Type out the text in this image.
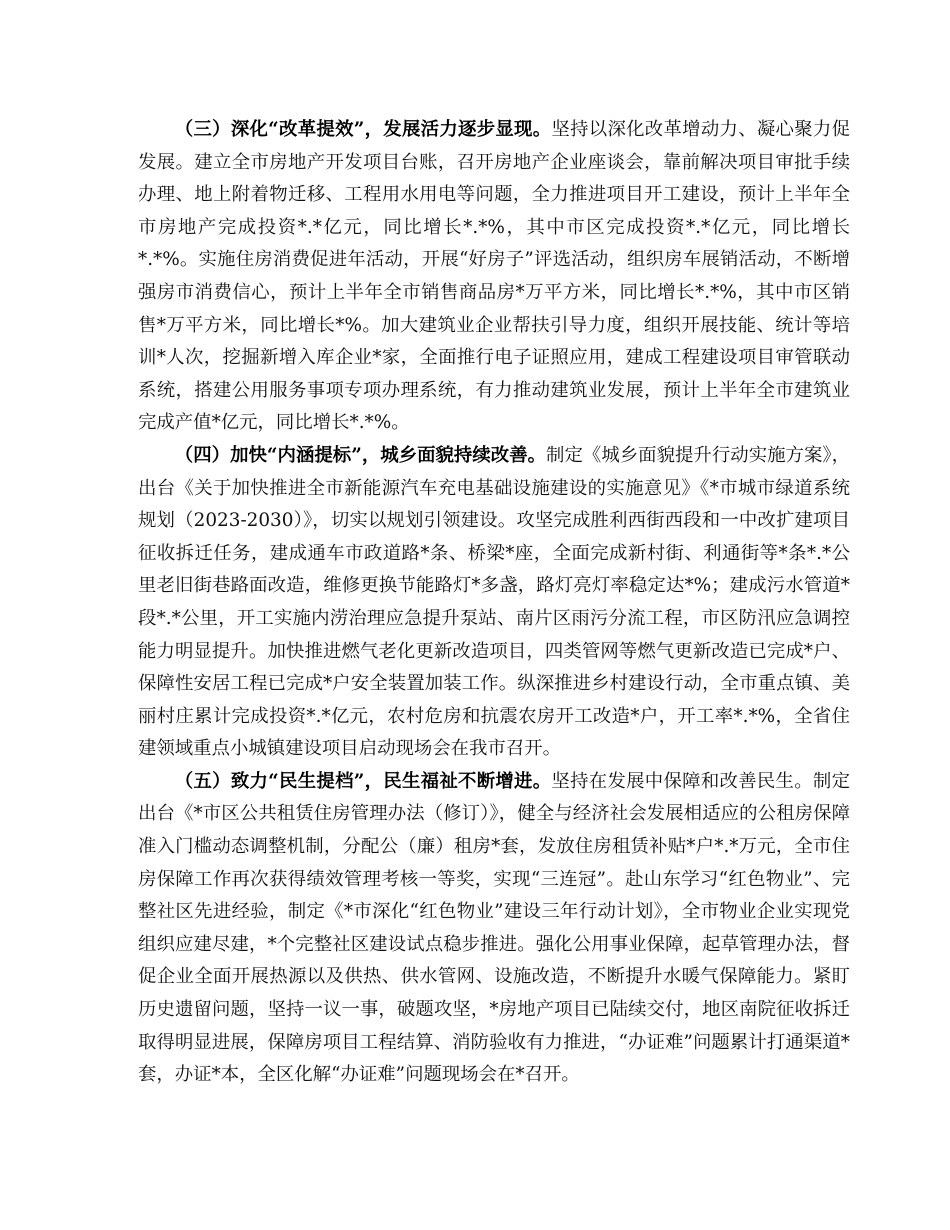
（三）深化“改革提效”，发展活力逐步显现。坚持以深化改革增动力、凝心聚力促发展。建立全市房地产开发项目台账，召开房地产企业座谈会，靠前解决项目审批手续办理、地上附着物迁移、工程用水用电等问题，全力推进项目开工建设，预计上半年全市房地产完成投资*.*亿元，同比增长*.*%，其中市区完成投资*.*亿元，同比增长*.*%。实施住房消费促进年活动，开展“好房子”评选活动，组织房车展销活动，不断增强房市消费信心，预计上半年全市销售商品房*万平方米，同比增长*.*%，其中市区销售*万平方米，同比增长*%。加大建筑业企业帮扶引导力度，组织开展技能、统计等培训*人次，挖掘新增入库企业*家，全面推行电子证照应用，建成工程建设项目审管联动系统，搭建公用服务事项专项办理系统，有力推动建筑业发展，预计上半年全市建筑业完成产值*亿元，同比增长*.*%。

（四）加快“内涵提标”，城乡面貌持续改善。制定《城乡面貌提升行动实施方案》，出台《关于加快推进全市新能源汽车充电基础设施建设的实施意见》《*市城市绿道系统规划（2023-2030）》，切实以规划引领建设。攻坚完成胜利西街西段和一中改扩建项目征收拆迁任务，建成通车市政道路*条、桥梁*座，全面完成新村街、利通街等*条*.*公里老旧街巷路面改造，维修更换节能路灯*多盏，路灯亮灯率稳定达*%；建成污水管道*段*.*公里，开工实施内涝治理应急提升泵站、南片区雨污分流工程，市区防汛应急调控能力明显提升。加快推进燃气老化更新改造项目，四类管网等燃气更新改造已完成*户、保障性安居工程已完成*户安全装置加装工作。纵深推进乡村建设行动，全市重点镇、美丽村庄累计完成投资*.*亿元，农村危房和抗震农房开工改造*户，开工率*.*%，全省住建领域重点小城镇建设项目启动现场会在我市召开。

（五）致力“民生提档”，民生福祉不断增进。坚持在发展中保障和改善民生。制定出台《*市区公共租赁住房管理办法（修订）》，健全与经济社会发展相适应的公租房保障准入门槛动态调整机制，分配公（廉）租房*套，发放住房租赁补贴*户*.*万元，全市住房保障工作再次获得绩效管理考核一等奖，实现“三连冠”。赴山东学习“红色物业”、完整社区先进经验，制定《*市深化“红色物业”建设三年行动计划》，全市物业企业实现党组织应建尽建，*个完整社区建设试点稳步推进。强化公用事业保障，起草管理办法，督促企业全面开展热源以及供热、供水管网、设施改造，不断提升水暖气保障能力。紧盯历史遗留问题，坚持一议一事，破题攻坚，*房地产项目已陆续交付，地区南院征收拆迁取得明显进展，保障房项目工程结算、消防验收有力推进，“办证难”问题累计打通渠道*套，办证*本，全区化解“办证难”问题现场会在*召开。
